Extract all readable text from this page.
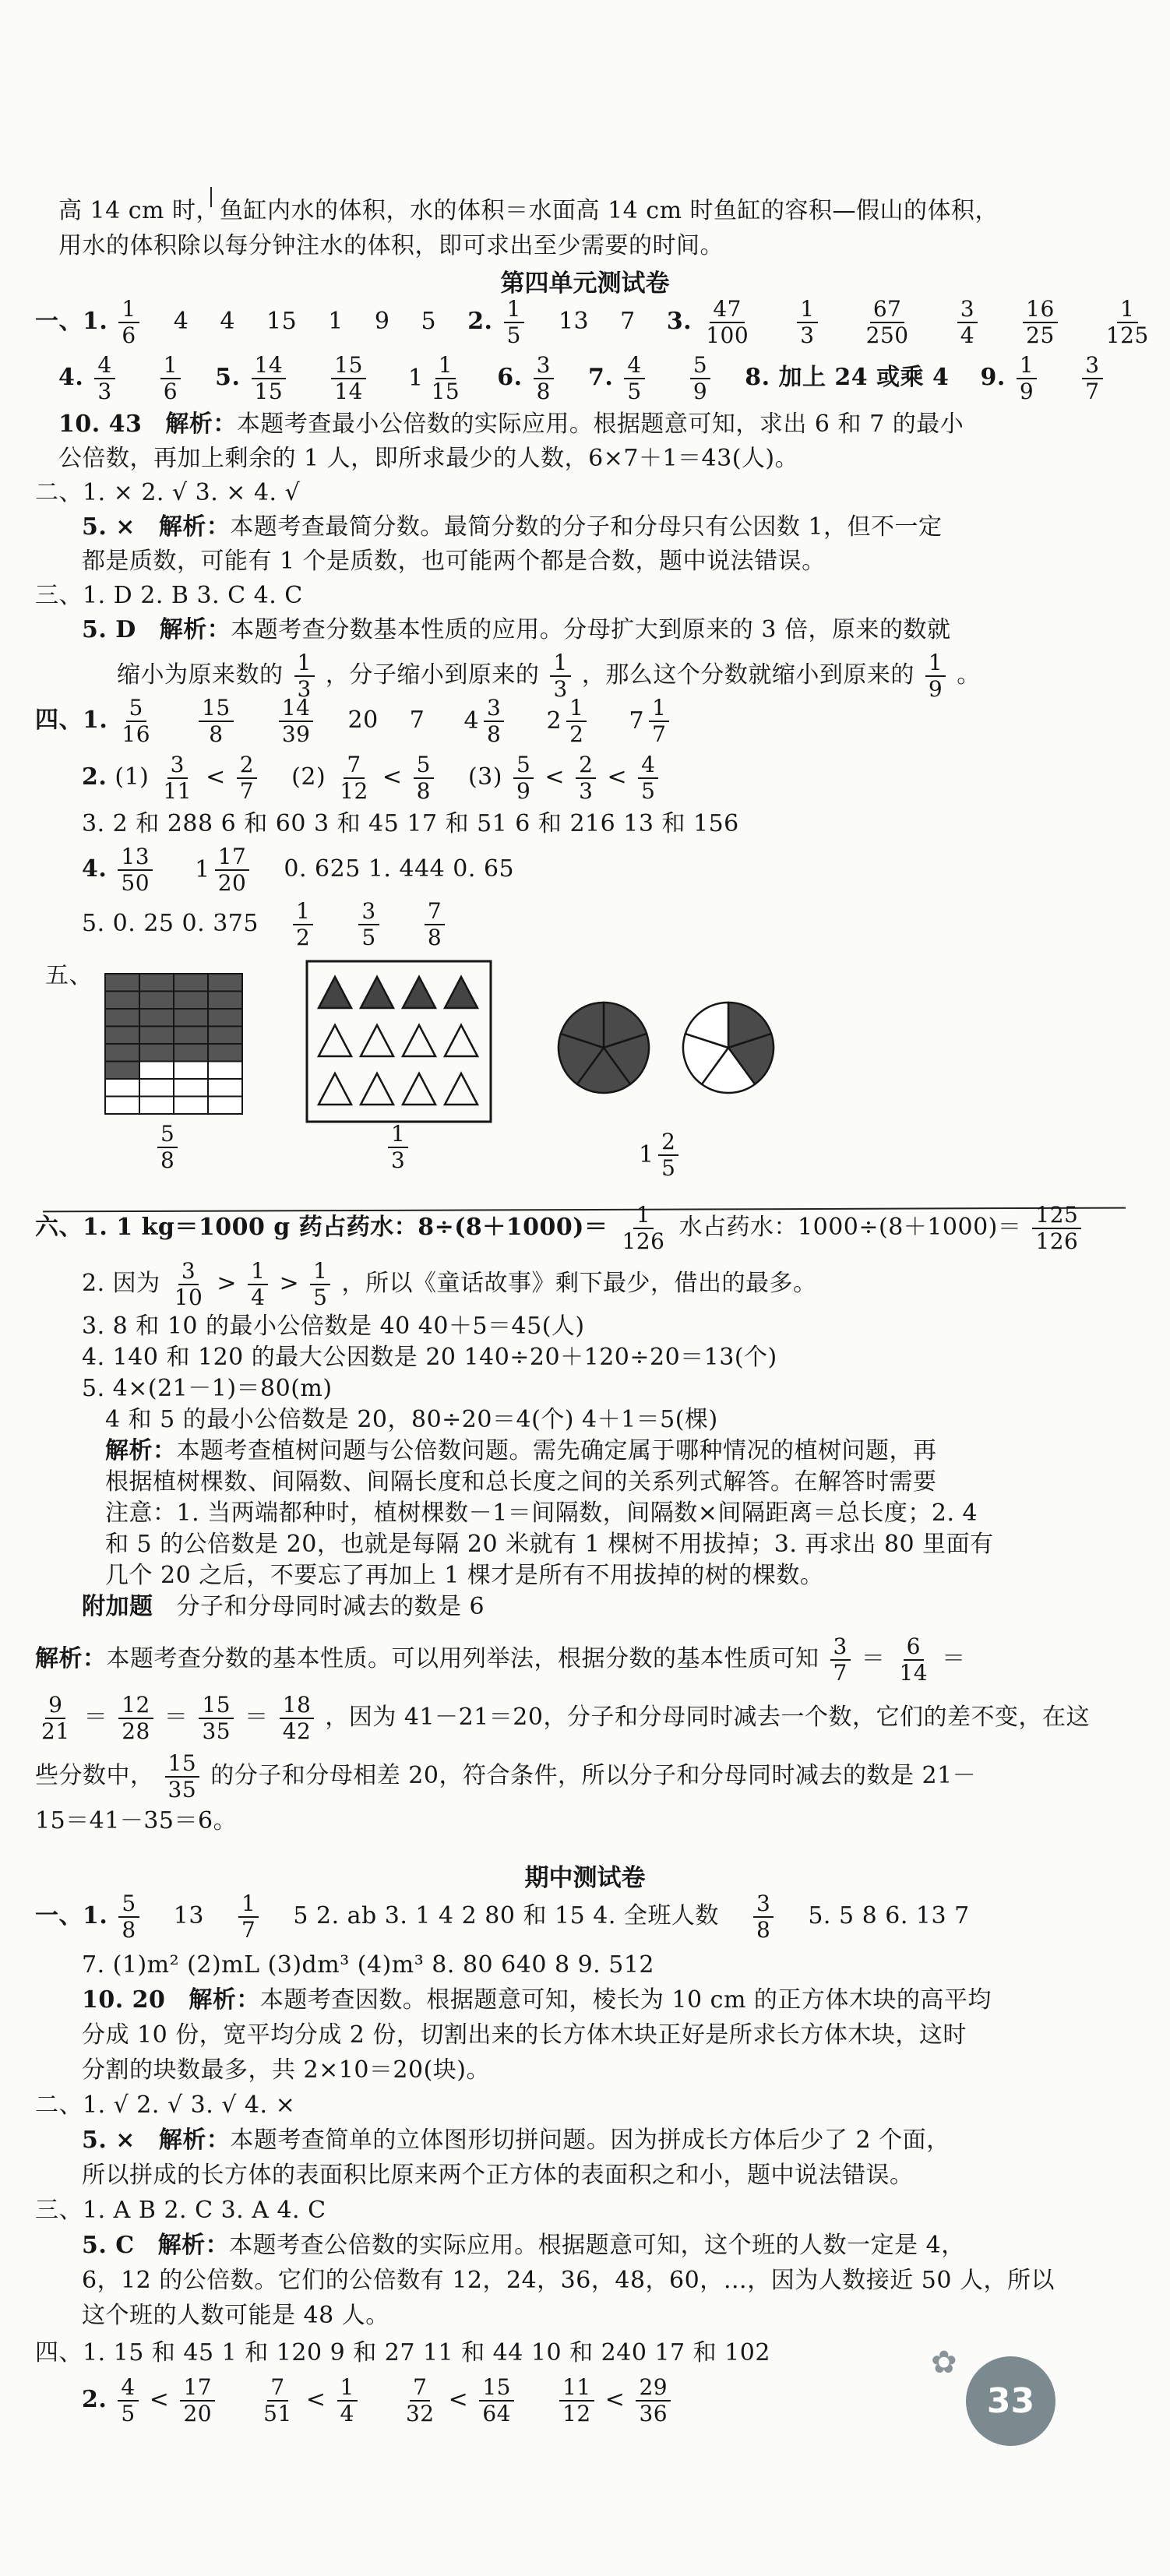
高 14 cm 时，鱼缸内水的体积，水的体积＝水面高 14 cm 时鱼缸的容积—假山的体积，
用水的体积除以每分钟注水的体积，即可求出至少需要的时间。
第四单元测试卷
一、1. $\frac{1}{6} 4$ 4 15 1 9 5 2. $\frac{1}{5} 13$ 7 3. $\frac{47}{100}$
$\frac{1}{3}$
$\frac{67}{250}$
$\frac{3}{4}$
$\frac{16}{25}$
$\frac{1}{125}$
4. $\frac{4}{3}$
$\frac{1}{6} 5$. $\frac{14}{15}$
$\frac{15}{14}$
1 1
15
6. $\frac{3}{8} 7$. $\frac{4}{5}$
$\frac{5}{9} 8$. 加上 24 或乘 4 9. $\frac{1}{9}$
$\frac{3}{7}$
10. 43 解析：本题考查最小公倍数的实际应用。根据题意可知，求出 6 和 7 的最小
公倍数，再加上剩余的 1 人，即所求最少的人数，6×7＋1＝43(人)。
二、1. × 2. √ 3. × 4. √
5. × 解析：本题考查最简分数。最简分数的分子和分母只有公因数 1，但不一定
都是质数，可能有 1 个是质数，也可能两个都是合数，题中说法错误。
三、1. D 2. B 3. C 4. C
5. D 解析：本题考查分数基本性质的应用。分母扩大到原来的 3 倍，原来的数就
缩小为原来数的 $\frac{1}{3}$ ，分子缩小到原来的 $\frac{1}{3}$ ，那么这个分数就缩小到原来的 $\frac{1}{9}$ 。
四、1. $\frac{5}{16}$
$\frac{15}{8}$
$\frac{14}{39} 20$ 7 4 3
8
2 1
2
7 1
7
2. $(1) \frac{3}{11} < \frac{2}{7} (2) \frac{7}{12} < \frac{5}{8} (3) \frac{5}{9} < \frac{2}{3} < \frac{4}{5}$
3. 2 和 288 6 和 60 3 和 45 17 和 51 6 和 216 13 和 156
4. $\frac{13}{50}$
1 17
20
0. 625 1. 444 0. 65
5. 0. 25 0. $375 \frac{1}{2}$
$\frac{3}{5}$
$\frac{7}{8}$
五、
$\frac{5}{8}$	$\frac{1}{3}$	1 2
5
六、1. 1 kg＝1000 g 药占药水：$8\div(8+1000)= \frac{1}{126}$ 水占药水：$1000\div(8+1000)= \frac{125}{126}$
2. 因为 $\frac{3}{10} > \frac{1}{4} > \frac{1}{5}$ ，所以《童话故事》剩下最少，借出的最多。
3. 8 和 10 的最小公倍数是 40 40＋5＝45(人)
4. 140 和 120 的最大公因数是 20 140÷20＋120÷20＝13(个)
5. 4×(21－1)＝80(m)
4 和 5 的最小公倍数是 20，80÷20＝4(个) 4＋1＝5(棵)
解析：本题考查植树问题与公倍数问题。需先确定属于哪种情况的植树问题，再
根据植树棵数、间隔数、间隔长度和总长度之间的关系列式解答。在解答时需要
注意：1. 当两端都种时，植树棵数－1＝间隔数，间隔数×间隔距离＝总长度；2. 4
和 5 的公倍数是 20，也就是每隔 20 米就有 1 棵树不用拔掉；3. 再求出 80 里面有
几个 20 之后，不要忘了再加上 1 棵才是所有不用拔掉的树的棵数。
附加题 分子和分母同时减去的数是 6
解析：本题考查分数的基本性质。可以用列举法，根据分数的基本性质可知 $\frac{3}{7} = \frac{6}{14}$ ＝
$\frac{9}{21} = \frac{12}{28} = \frac{15}{35} = \frac{18}{42}$ ，因为 41－21＝20，分子和分母同时减去一个数，它们的差不变，在这
些分数中， $\frac{15}{35}$ 的分子和分母相差 20，符合条件，所以分子和分母同时减去的数是 21－
15＝41－35＝6。
期中测试卷
一、1. $\frac{5}{8} 13 \frac{1}{7} 5$ 2. ab 3. 1 4 2 80 和 15 4. 全班人数 $\frac{3}{8} 5$. 5 8 6. 13 7
7. (1)m² (2)mL (3)dm³ (4)m³ 8. 80 640 8 9. 512
10. 20 解析：本题考查因数。根据题意可知，棱长为 10 cm 的正方体木块的高平均
分成 10 份，宽平均分成 2 份，切割出来的长方体木块正好是所求长方体木块，这时
分割的块数最多，共 2×10＝20(块)。
二、1. √ 2. √ 3. √ 4. ×
5. × 解析：本题考查简单的立体图形切拼问题。因为拼成长方体后少了 2 个面，
所以拼成的长方体的表面积比原来两个正方体的表面积之和小，题中说法错误。
三、1. A B 2. C 3. A 4. C
5. C 解析：本题考查公倍数的实际应用。根据题意可知，这个班的人数一定是 4，
6，12 的公倍数。它们的公倍数有 12，24，36，48，60，…，因为人数接近 50 人，所以
这个班的人数可能是 48 人。
四、1. 15 和 45 1 和 120 9 和 27 11 和 44 10 和 240 17 和 102
2. $\frac{4}{5} < \frac{17}{20}$
$\frac{7}{51} < \frac{1}{4}$
$\frac{7}{32} < \frac{15}{64}$
$\frac{11}{12} < \frac{29}{36}$
✿
33
